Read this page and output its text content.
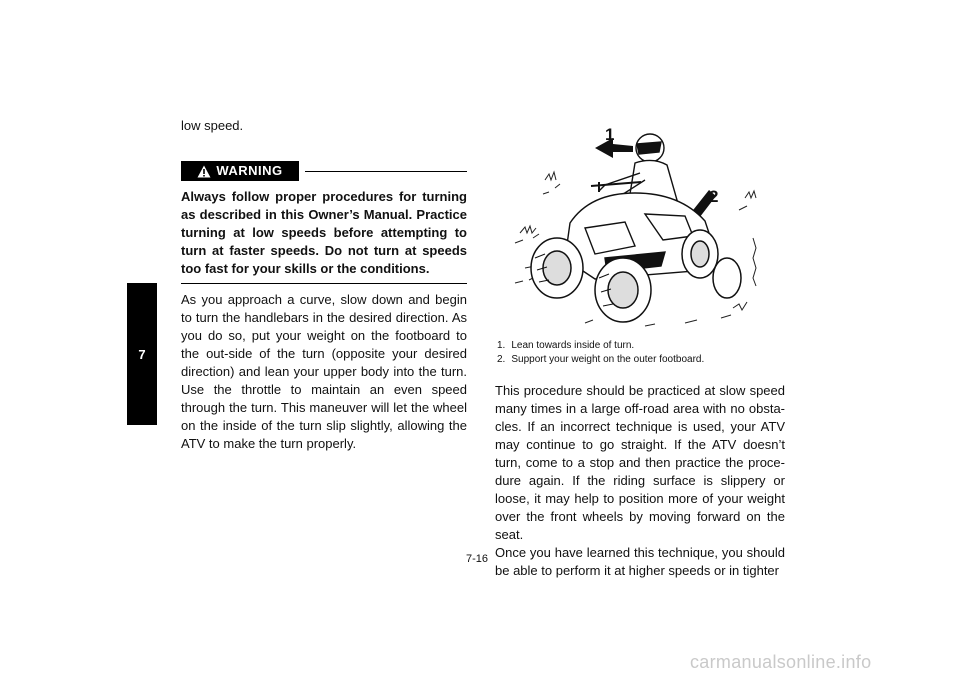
7

low speed.

WARNING

Always follow proper procedures for turning as described in this Owner’s Manual. Practice turning at low speeds before attempting to turn at faster speeds. Do not turn at speeds too fast for your skills or the conditions.

As you approach a curve, slow down and begin to turn the handlebars in the desired direction. As you do so, put your weight on the footboard to the out-side of the turn (opposite your desired direction) and lean your upper body into the turn. Use the throttle to maintain an even speed through the turn. This maneuver will let the wheel on the inside of the turn slip slightly, allowing the ATV to make the turn properly.

1
2
1. Lean towards inside of turn.
2. Support your weight on the outer footboard.

This procedure should be practiced at slow speed many times in a large off-road area with no obsta-cles. If an incorrect technique is used, your ATV may continue to go straight. If the ATV doesn’t turn, come to a stop and then practice the proce-dure again. If the riding surface is slippery or loose, it may help to position more of your weight over the front wheels by moving forward on the seat.

Once you have learned this technique, you should be able to perform it at higher speeds or in tighter

7-16
carmanualsonline.info
